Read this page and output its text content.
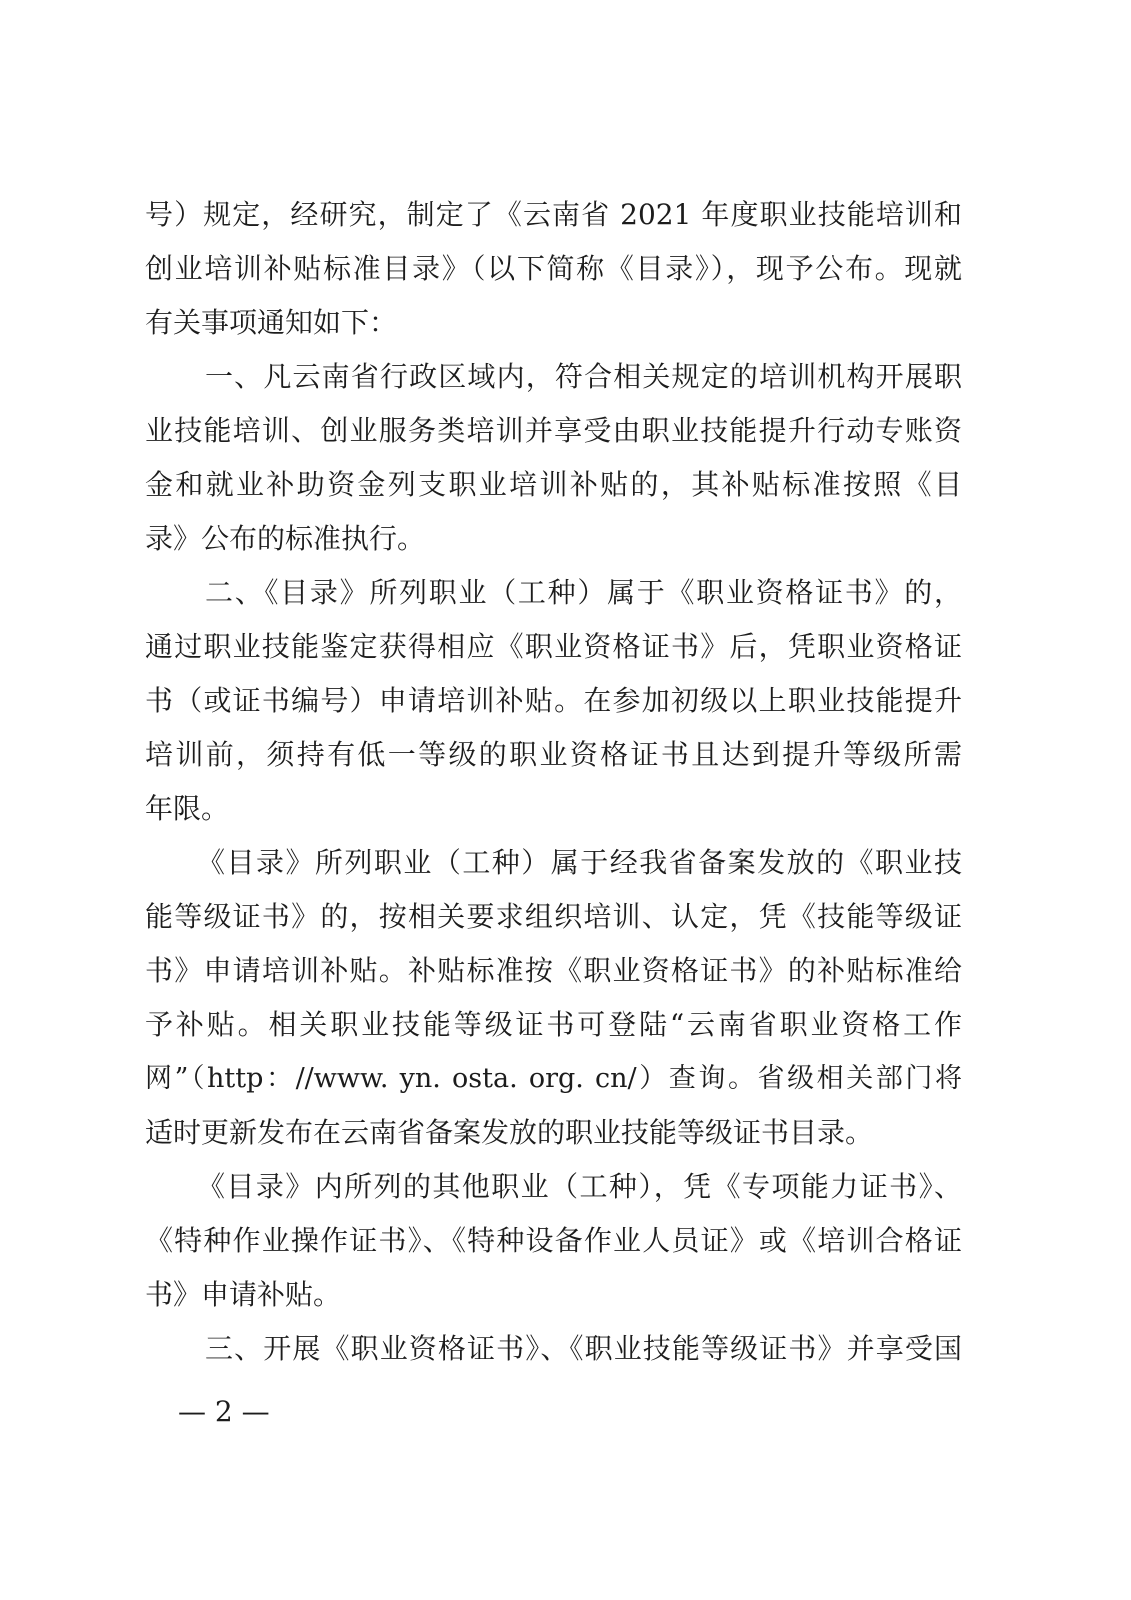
号）规定，经研究，制定了《云南省 2021 年度职业技能培训和
创业培训补贴标准目录》（以下简称《目录》），现予公布。现就
有关事项通知如下：
一、凡云南省行政区域内，符合相关规定的培训机构开展职
业技能培训、创业服务类培训并享受由职业技能提升行动专账资
金和就业补助资金列支职业培训补贴的，其补贴标准按照《目
录》公布的标准执行。
二、《目录》所列职业（工种）属于《职业资格证书》的，
通过职业技能鉴定获得相应《职业资格证书》后，凭职业资格证
书（或证书编号）申请培训补贴。在参加初级以上职业技能提升
培训前，须持有低一等级的职业资格证书且达到提升等级所需
年限。
《目录》所列职业（工种）属于经我省备案发放的《职业技
能等级证书》的，按相关要求组织培训、认定，凭《技能等级证
书》申请培训补贴。补贴标准按《职业资格证书》的补贴标准给
予补贴。相关职业技能等级证书可登陆“云南省职业资格工作
网”（http：//www. yn. osta. org. cn/）查询。省级相关部门将
适时更新发布在云南省备案发放的职业技能等级证书目录。
《目录》内所列的其他职业（工种），凭《专项能力证书》、
《特种作业操作证书》、《特种设备作业人员证》或《培训合格证
书》申请补贴。
三、开展《职业资格证书》、《职业技能等级证书》并享受国
— 2 —
